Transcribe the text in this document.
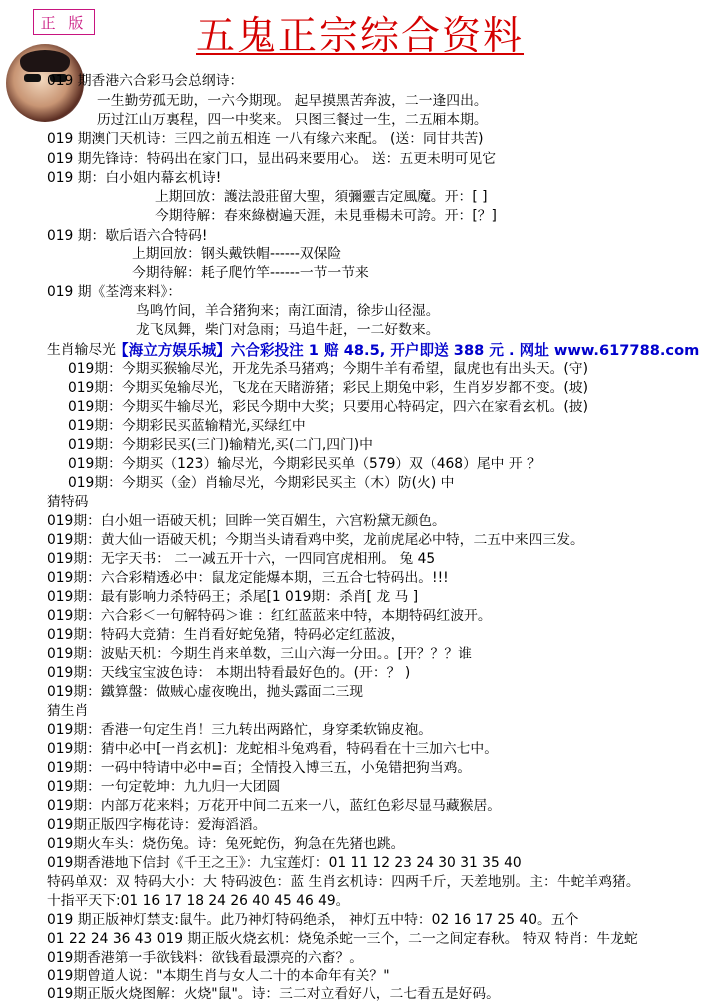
正 版	五鬼正宗综合资料
【海立方娱乐城】六合彩投注 1 赔 48.5, 开户即送 388 元 . 网址 www.617788.com
019 期香港六合彩马会总纲诗：
一生勤劳孤无助，一六今期现。 起早摸黑苦奔波，二一逢四出。
历过江山万裏程，四一中奖来。 只图三餐过一生，二五厢本期。
019 期澳门天机诗：三四之前五相连 一八有缘六来配。 (送：同甘共苦)
019 期先锋诗：特码出在家门口，显出码来要用心。 送：五更未明可见它
019 期：白小姐内幕玄机诗!
上期回放：護法設莊留大聖，須彌靈吉定風魔。开：[ ]
今期待解：春來綠樹遍天涯，未見垂楊未可誇。开：[？]
019 期：歇后语六合特码!
上期回放：钢头戴铁帽------双保险
今期待解：耗子爬竹竿------一节一节来
019 期《荃湾来料》：
鸟鸣竹间，羊合猪狗来；南江面清，徐步山径湿。
龙飞凤舞，柴门对急雨；马追牛赶，一二好数来。
生肖输尽光
019期：今期买猴输尽光，开龙先杀马猪鸡；今期牛羊有希望，鼠虎也有出头天。(守)
019期：今期买兔输尽光，飞龙在天睹游猪；彩民上期兔中彩，生肖岁岁都不变。(坡)
019期：今期买牛输尽光，彩民今期中大奖；只要用心特码定，四六在家看玄机。(披)
019期：今期彩民买蓝输精光,买绿红中
019期：今期彩民买(三门)输精光,买(二门,四门)中
019期：今期买（123）输尽光，今期彩民买单（579）双（468）尾中 开 ？
019期：今期买（金）肖输尽光，今期彩民买主（木）防(火) 中
猜特码
019期：白小姐一语破天机；回眸一笑百媚生，六宫粉黛无颜色。
019期：黄大仙一语破天机；今期当头请看鸡中奖，龙前虎尾必中特，二五中来四三发。
019期：无字天书： 二一减五开十六，一四同宫虎相刑。 兔 45
019期：六合彩精透必中：鼠龙定能爆本期，三五合七特码出。!!!
019期：最有影响力杀特码王；杀尾[1 019期：杀肖[ 龙 马 ]
019期：六合彩＜一句解特码＞谁 ：红红蓝蓝来中特，本期特码红波开。
019期：特码大竞猜：生肖看好蛇兔猪，特码必定红蓝波，
019期：波贴天机：今期生肖来单数，三山六海一分田。。[开？？？谁
019期：天线宝宝波色诗： 本期出特看最好色的。(开：？ )
019期：鐵算盤：做贼心虚夜晚出，抛头露面二三现
猜生肖
019期：香港一句定生肖！三九转出两路忙，身穿柔软锦皮袍。
019期：猜中必中[一肖玄机]：龙蛇相斗兔鸡看，特码看在十三加六七中。
019期：一码中特请中必中=百；全情投入博三五，小兔错把狗当鸡。
019期：一句定乾坤：九九归一大团圆
019期：内部万花来料；万花开中间二五来一八，蓝红色彩尽显马藏猴居。
019期正版四字梅花诗：爱海滔滔。
019期火车头：烧伤兔。诗：兔死蛇伤，狗急在先猪也跳。
019期香港地下信封《千王之王》：九宝莲灯：01 11 12 23 24 30 31 35 40
特码单双：双 特码大小：大 特码波色：蓝 生肖玄机诗：四两千斤，天差地别。主：牛蛇羊鸡猪。
十指平天下:01 16 17 18 24 26 40 45 46 49。
019 期正版神灯禁支:鼠牛。此乃神灯特码绝杀， 神灯五中特：02 16 17 25 40。五个
01 22 24 36 43 019 期正版火烧玄机：烧兔杀蛇一三个，二一之间定春秋。 特双 特肖：牛龙蛇
019期香港第一手欲钱料：欲钱看最漂亮的六畜？。
019期曾道人说："本期生肖与女人二十的本命年有关？"
019期正版火烧图解：火烧"鼠"。诗：三二对立看好八，二七看五是好码。
